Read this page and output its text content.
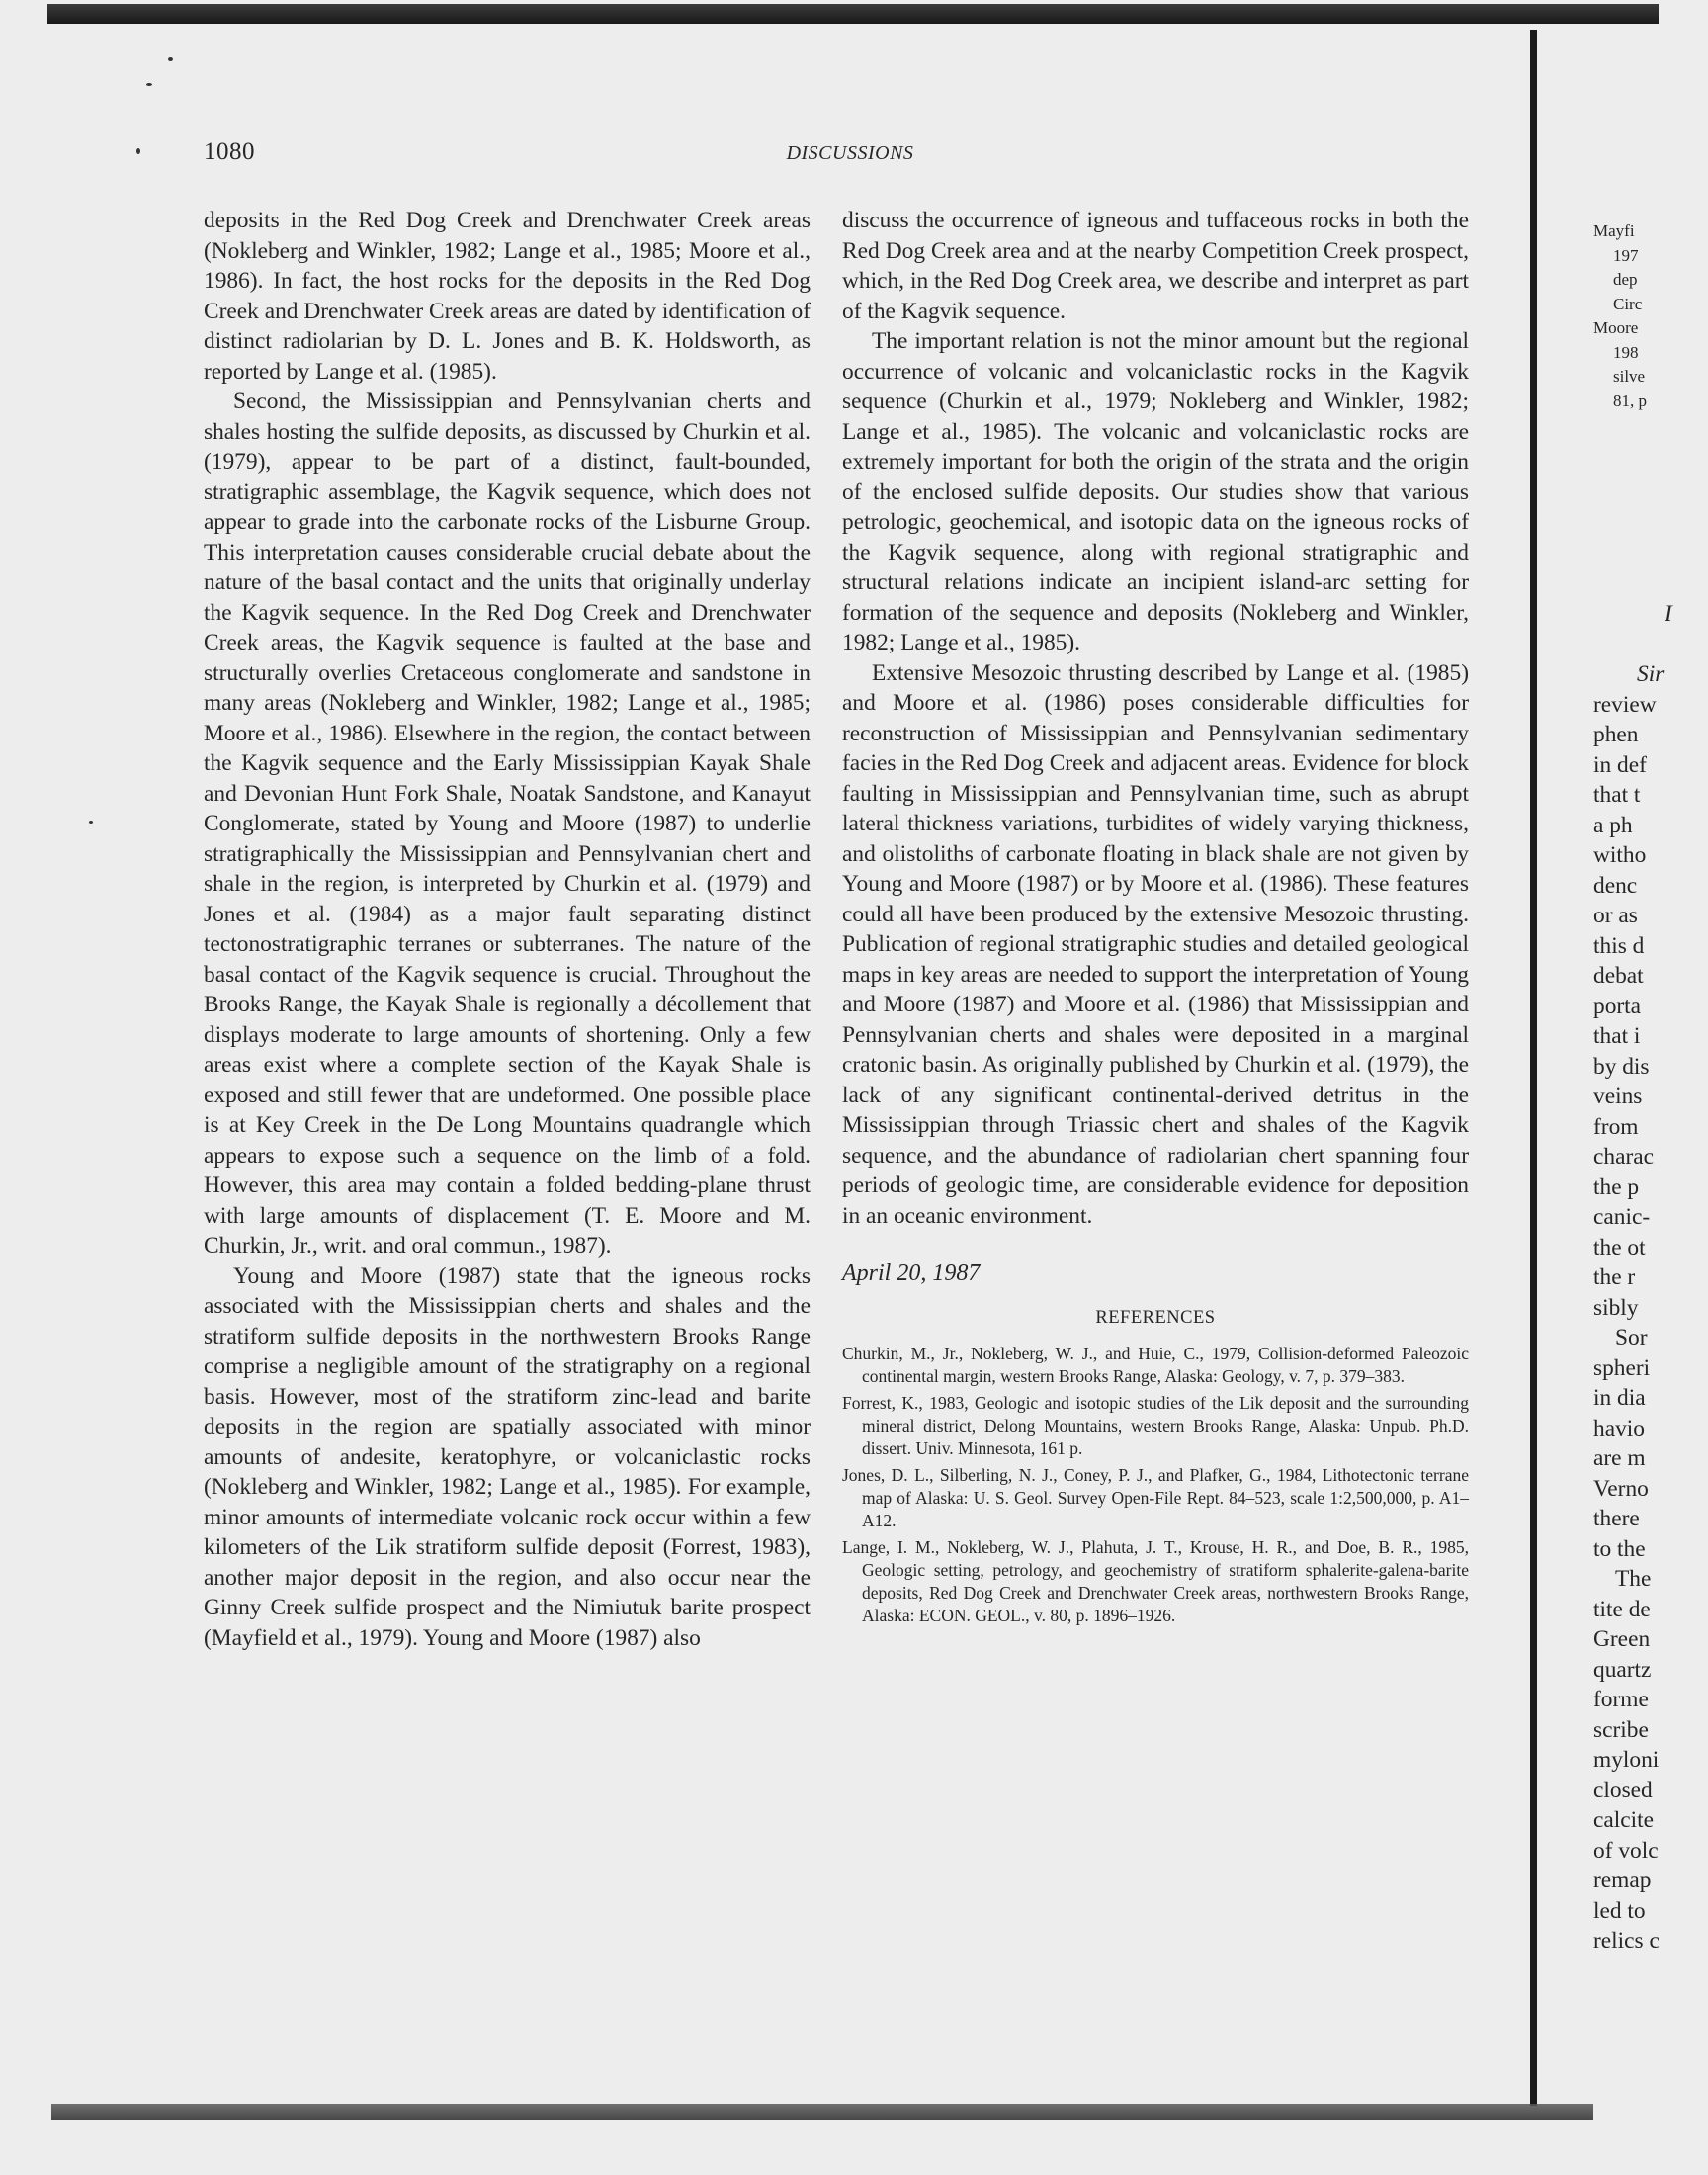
1080	DISCUSSIONS

deposits in the Red Dog Creek and Drenchwater Creek areas (Nokleberg and Winkler, 1982; Lange et al., 1985; Moore et al., 1986). In fact, the host rocks for the deposits in the Red Dog Creek and Drenchwater Creek areas are dated by identification of distinct radiolarian by D. L. Jones and B. K. Holdsworth, as reported by Lange et al. (1985).

Second, the Mississippian and Pennsylvanian cherts and shales hosting the sulfide deposits, as discussed by Churkin et al. (1979), appear to be part of a distinct, fault-bounded, stratigraphic assemblage, the Kagvik sequence, which does not appear to grade into the carbonate rocks of the Lisburne Group. This interpretation causes considerable crucial debate about the nature of the basal contact and the units that originally underlay the Kagvik sequence. In the Red Dog Creek and Drenchwater Creek areas, the Kagvik sequence is faulted at the base and structurally overlies Cretaceous conglomerate and sandstone in many areas (Nokleberg and Winkler, 1982; Lange et al., 1985; Moore et al., 1986). Elsewhere in the region, the contact between the Kagvik sequence and the Early Mississippian Kayak Shale and Devonian Hunt Fork Shale, Noatak Sandstone, and Kanayut Conglomerate, stated by Young and Moore (1987) to underlie stratigraphically the Mississippian and Pennsylvanian chert and shale in the region, is interpreted by Churkin et al. (1979) and Jones et al. (1984) as a major fault separating distinct tectonostratigraphic terranes or subterranes. The nature of the basal contact of the Kagvik sequence is crucial. Throughout the Brooks Range, the Kayak Shale is regionally a décollement that displays moderate to large amounts of shortening. Only a few areas exist where a complete section of the Kayak Shale is exposed and still fewer that are undeformed. One possible place is at Key Creek in the De Long Mountains quadrangle which appears to expose such a sequence on the limb of a fold. However, this area may contain a folded bedding-plane thrust with large amounts of displacement (T. E. Moore and M. Churkin, Jr., writ. and oral commun., 1987).

Young and Moore (1987) state that the igneous rocks associated with the Mississippian cherts and shales and the stratiform sulfide deposits in the northwestern Brooks Range comprise a negligible amount of the stratigraphy on a regional basis. However, most of the stratiform zinc-lead and barite deposits in the region are spatially associated with minor amounts of andesite, keratophyre, or volcaniclastic rocks (Nokleberg and Winkler, 1982; Lange et al., 1985). For example, minor amounts of intermediate volcanic rock occur within a few kilometers of the Lik stratiform sulfide deposit (Forrest, 1983), another major deposit in the region, and also occur near the Ginny Creek sulfide prospect and the Nimiutuk barite prospect (Mayfield et al., 1979). Young and Moore (1987) also

discuss the occurrence of igneous and tuffaceous rocks in both the Red Dog Creek area and at the nearby Competition Creek prospect, which, in the Red Dog Creek area, we describe and interpret as part of the Kagvik sequence.

The important relation is not the minor amount but the regional occurrence of volcanic and volcaniclastic rocks in the Kagvik sequence (Churkin et al., 1979; Nokleberg and Winkler, 1982; Lange et al., 1985). The volcanic and volcaniclastic rocks are extremely important for both the origin of the strata and the origin of the enclosed sulfide deposits. Our studies show that various petrologic, geochemical, and isotopic data on the igneous rocks of the Kagvik sequence, along with regional stratigraphic and structural relations indicate an incipient island-arc setting for formation of the sequence and deposits (Nokleberg and Winkler, 1982; Lange et al., 1985).

Extensive Mesozoic thrusting described by Lange et al. (1985) and Moore et al. (1986) poses considerable difficulties for reconstruction of Mississippian and Pennsylvanian sedimentary facies in the Red Dog Creek and adjacent areas. Evidence for block faulting in Mississippian and Pennsylvanian time, such as abrupt lateral thickness variations, turbidites of widely varying thickness, and olistoliths of carbonate floating in black shale are not given by Young and Moore (1987) or by Moore et al. (1986). These features could all have been produced by the extensive Mesozoic thrusting. Publication of regional stratigraphic studies and detailed geological maps in key areas are needed to support the interpretation of Young and Moore (1987) and Moore et al. (1986) that Mississippian and Pennsylvanian cherts and shales were deposited in a marginal cratonic basin. As originally published by Churkin et al. (1979), the lack of any significant continental-derived detritus in the Mississippian through Triassic chert and shales of the Kagvik sequence, and the abundance of radiolarian chert spanning four periods of geologic time, are considerable evidence for deposition in an oceanic environment.

April 20, 1987
REFERENCES
Churkin, M., Jr., Nokleberg, W. J., and Huie, C., 1979, Collision-deformed Paleozoic continental margin, western Brooks Range, Alaska: Geology, v. 7, p. 379–383.
Forrest, K., 1983, Geologic and isotopic studies of the Lik deposit and the surrounding mineral district, Delong Mountains, western Brooks Range, Alaska: Unpub. Ph.D. dissert. Univ. Minnesota, 161 p.
Jones, D. L., Silberling, N. J., Coney, P. J., and Plafker, G., 1984, Lithotectonic terrane map of Alaska: U. S. Geol. Survey Open-File Rept. 84–523, scale 1:2,500,000, p. A1–A12.
Lange, I. M., Nokleberg, W. J., Plahuta, J. T., Krouse, H. R., and Doe, B. R., 1985, Geologic setting, petrology, and geochemistry of stratiform sphalerite-galena-barite deposits, Red Dog Creek and Drenchwater Creek areas, northwestern Brooks Range, Alaska: ECON. GEOL., v. 80, p. 1896–1926.
Mayfi
197
dep
Circ
Moore
198
silve
81, p
I
Sir
review
phen
in def
that t
a ph
witho
denc
or as
this d
debat
porta
that i
by dis
veins
from
charac
the p
canic-
the ot
the r
sibly
Sor
spheri
in dia
havio
are m
Verno
there
to the
The
tite de
Green
quartz
forme
scribe
myloni
closed
calcite
of volc
remap
led to
relics c
